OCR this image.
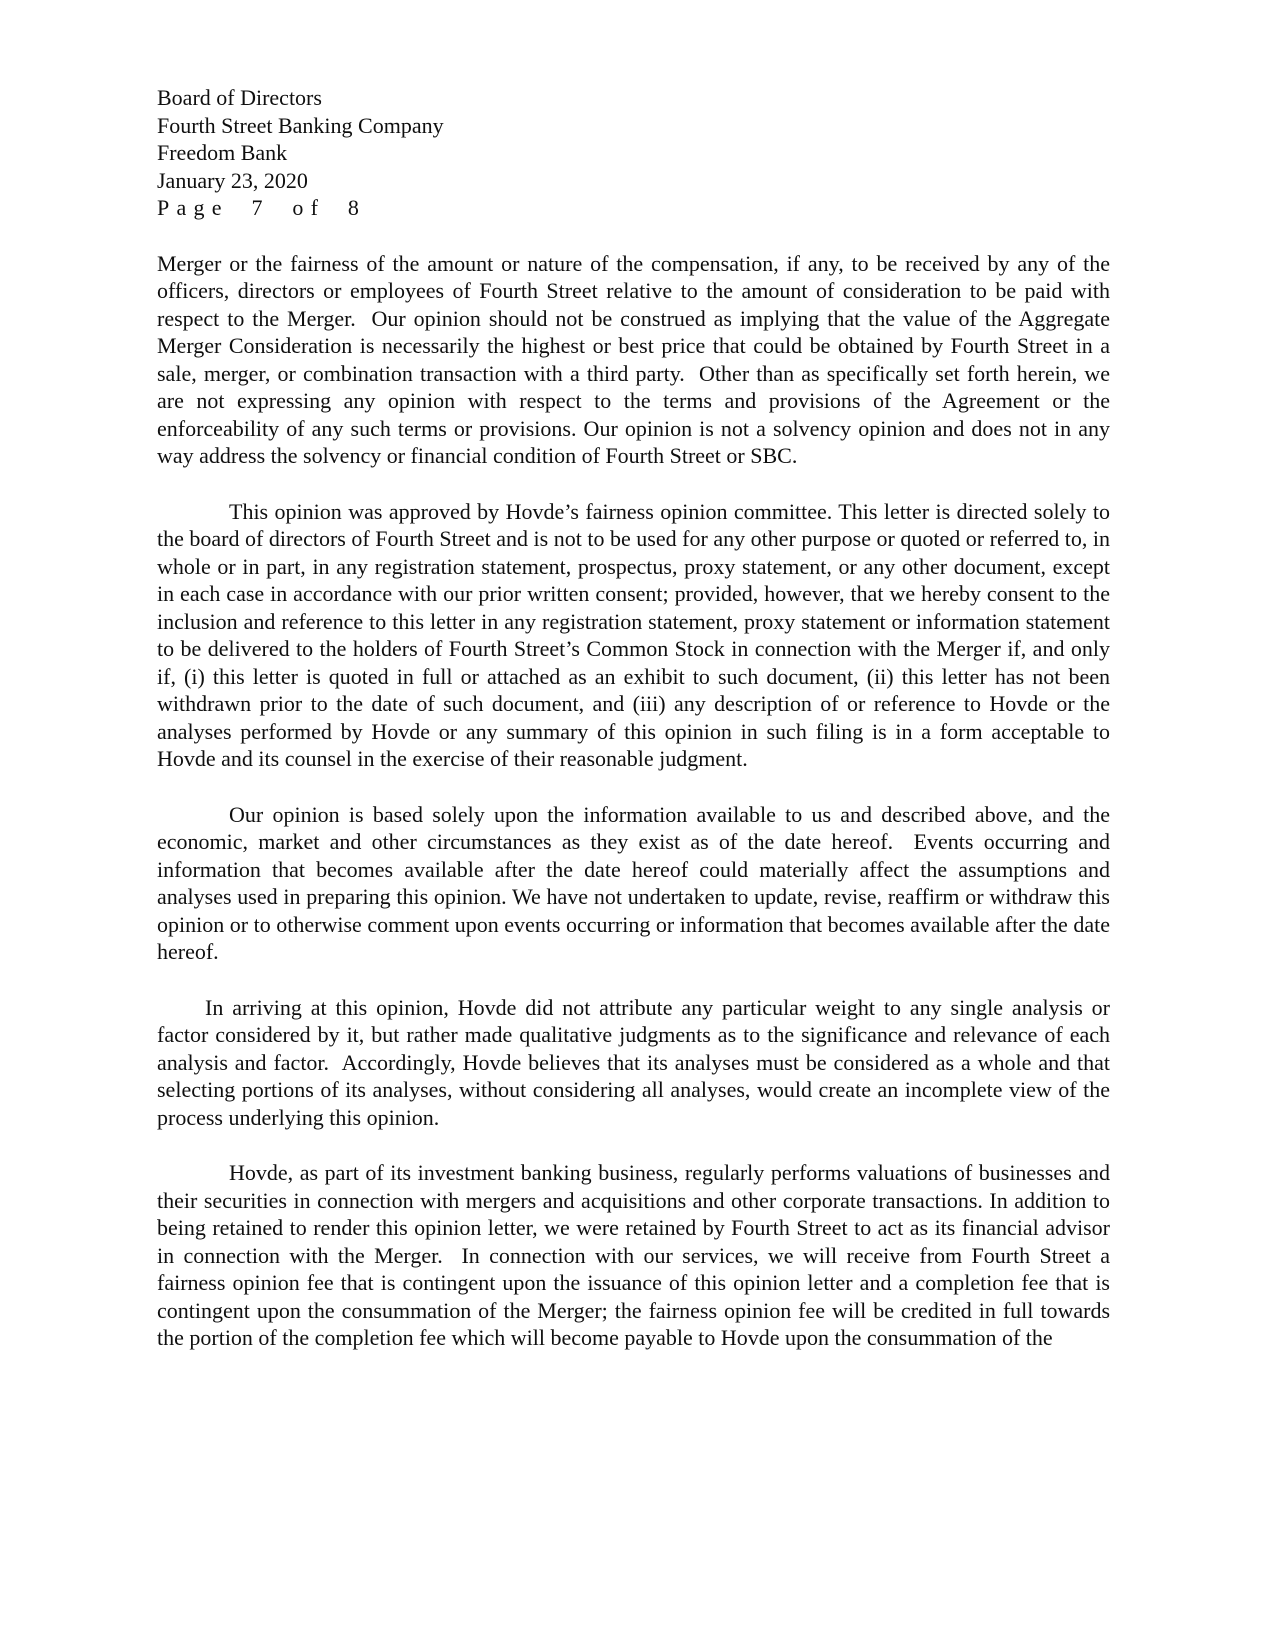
Board of Directors
Fourth Street Banking Company
Freedom Bank
January 23, 2020
Page 7 of 8

Merger or the fairness of the amount or nature of the compensation, if any, to be received by any of the officers, directors or employees of Fourth Street relative to the amount of consideration to be paid with respect to the Merger.  Our opinion should not be construed as implying that the value of the Aggregate Merger Consideration is necessarily the highest or best price that could be obtained by Fourth Street in a sale, merger, or combination transaction with a third party.  Other than as specifically set forth herein, we are not expressing any opinion with respect to the terms and provisions of the Agreement or the enforceability of any such terms or provisions. Our opinion is not a solvency opinion and does not in any way address the solvency or financial condition of Fourth Street or SBC.

This opinion was approved by Hovde’s fairness opinion committee. This letter is directed solely to the board of directors of Fourth Street and is not to be used for any other purpose or quoted or referred to, in whole or in part, in any registration statement, prospectus, proxy statement, or any other document, except in each case in accordance with our prior written consent; provided, however, that we hereby consent to the inclusion and reference to this letter in any registration statement, proxy statement or information statement to be delivered to the holders of Fourth Street’s Common Stock in connection with the Merger if, and only if, (i) this letter is quoted in full or attached as an exhibit to such document, (ii) this letter has not been withdrawn prior to the date of such document, and (iii) any description of or reference to Hovde or the analyses performed by Hovde or any summary of this opinion in such filing is in a form acceptable to Hovde and its counsel in the exercise of their reasonable judgment.

Our opinion is based solely upon the information available to us and described above, and the economic, market and other circumstances as they exist as of the date hereof.  Events occurring and information that becomes available after the date hereof could materially affect the assumptions and analyses used in preparing this opinion. We have not undertaken to update, revise, reaffirm or withdraw this opinion or to otherwise comment upon events occurring or information that becomes available after the date hereof.

In arriving at this opinion, Hovde did not attribute any particular weight to any single analysis or factor considered by it, but rather made qualitative judgments as to the significance and relevance of each analysis and factor.  Accordingly, Hovde believes that its analyses must be considered as a whole and that selecting portions of its analyses, without considering all analyses, would create an incomplete view of the process underlying this opinion.

Hovde, as part of its investment banking business, regularly performs valuations of businesses and their securities in connection with mergers and acquisitions and other corporate transactions. In addition to being retained to render this opinion letter, we were retained by Fourth Street to act as its financial advisor in connection with the Merger.  In connection with our services, we will receive from Fourth Street a fairness opinion fee that is contingent upon the issuance of this opinion letter and a completion fee that is contingent upon the consummation of the Merger; the fairness opinion fee will be credited in full towards the portion of the completion fee which will become payable to Hovde upon the consummation of the
